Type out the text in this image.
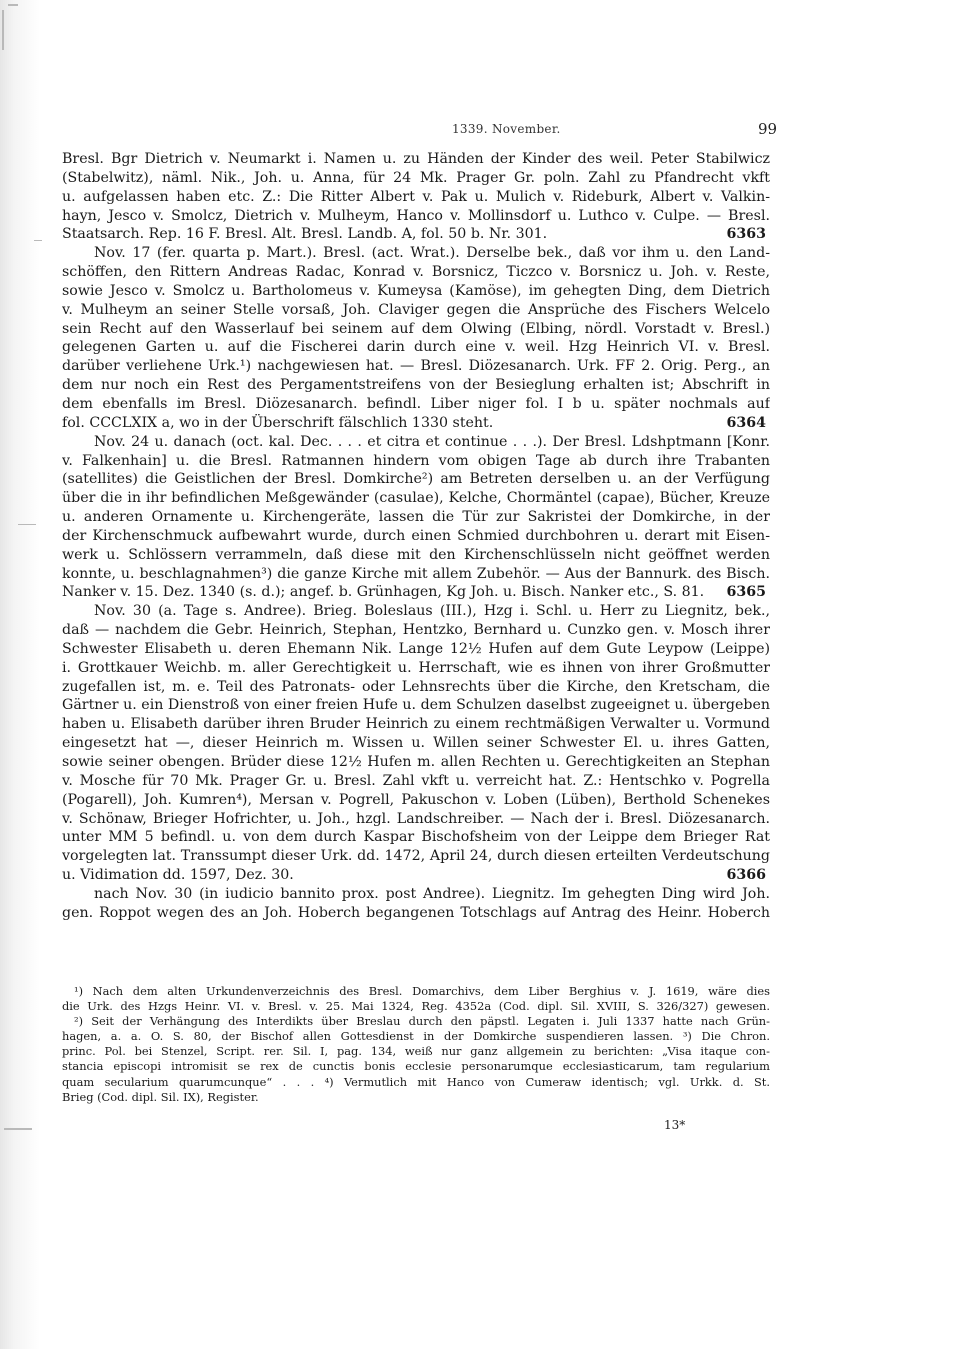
1339. November.	99
Bresl. Bgr Dietrich v. Neumarkt i. Namen u. zu Händen der Kinder des weil. Peter Stabilwicz
(Stabelwitz), näml. Nik., Joh. u. Anna, für 24 Mk. Prager Gr. poln. Zahl zu Pfandrecht vkft
u. aufgelassen haben etc. Z.: Die Ritter Albert v. Pak u. Mulich v. Rideburk, Albert v. Valkin-
hayn, Jesco v. Smolcz, Dietrich v. Mulheym, Hanco v. Mollinsdorf u. Luthco v. Culpe. — Bresl.
6363
Staatsarch. Rep. 16 F. Bresl. Alt. Bresl. Landb. A, fol. 50 b. Nr. 301.
Nov. 17 (fer. quarta p. Mart.). Bresl. (act. Wrat.). Derselbe bek., daß vor ihm u. den Land-
schöffen, den Rittern Andreas Radac, Konrad v. Borsnicz, Ticzco v. Borsnicz u. Joh. v. Reste,
sowie Jesco v. Smolcz u. Bartholomeus v. Kumeysa (Kamöse), im gehegten Ding, dem Dietrich
v. Mulheym an seiner Stelle vorsaß, Joh. Claviger gegen die Ansprüche des Fischers Welcelo
sein Recht auf den Wasserlauf bei seinem auf dem Olwing (Elbing, nördl. Vorstadt v. Bresl.)
gelegenen Garten u. auf die Fischerei darin durch eine v. weil. Hzg Heinrich VI. v. Bresl.
darüber verliehene Urk.¹) nachgewiesen hat. — Bresl. Diözesanarch. Urk. FF 2. Orig. Perg., an
dem nur noch ein Rest des Pergamentstreifens von der Besieglung erhalten ist; Abschrift in
dem ebenfalls im Bresl. Diözesanarch. befindl. Liber niger fol. I b u. später nochmals auf
6364
fol. CCCLXIX a, wo in der Überschrift fälschlich 1330 steht.
Nov. 24 u. danach (oct. kal. Dec. . . . et citra et continue . . .). Der Bresl. Ldshptmann [Konr.
v. Falkenhain] u. die Bresl. Ratmannen hindern vom obigen Tage ab durch ihre Trabanten
(satellites) die Geistlichen der Bresl. Domkirche²) am Betreten derselben u. an der Verfügung
über die in ihr befindlichen Meßgewänder (casulae), Kelche, Chormäntel (capae), Bücher, Kreuze
u. anderen Ornamente u. Kirchengeräte, lassen die Tür zur Sakristei der Domkirche, in der
der Kirchenschmuck aufbewahrt wurde, durch einen Schmied durchbohren u. derart mit Eisen-
werk u. Schlössern verrammeln, daß diese mit den Kirchenschlüsseln nicht geöffnet werden
konnte, u. beschlagnahmen³) die ganze Kirche mit allem Zubehör. — Aus der Bannurk. des Bisch.
6365
Nanker v. 15. Dez. 1340 (s. d.); angef. b. Grünhagen, Kg Joh. u. Bisch. Nanker etc., S. 81.
Nov. 30 (a. Tage s. Andree). Brieg. Boleslaus (III.), Hzg i. Schl. u. Herr zu Liegnitz, bek.,
daß — nachdem die Gebr. Heinrich, Stephan, Hentzko, Bernhard u. Cunzko gen. v. Mosch ihrer
Schwester Elisabeth u. deren Ehemann Nik. Lange 12½ Hufen auf dem Gute Leypow (Leippe)
i. Grottkauer Weichb. m. aller Gerechtigkeit u. Herrschaft, wie es ihnen von ihrer Großmutter
zugefallen ist, m. e. Teil des Patronats- oder Lehnsrechts über die Kirche, den Kretscham, die
Gärtner u. ein Dienstroß von einer freien Hufe u. dem Schulzen daselbst zugeeignet u. übergeben
haben u. Elisabeth darüber ihren Bruder Heinrich zu einem rechtmäßigen Verwalter u. Vormund
eingesetzt hat —, dieser Heinrich m. Wissen u. Willen seiner Schwester El. u. ihres Gatten,
sowie seiner obengen. Brüder diese 12½ Hufen m. allen Rechten u. Gerechtigkeiten an Stephan
v. Mosche für 70 Mk. Prager Gr. u. Bresl. Zahl vkft u. verreicht hat. Z.: Hentschko v. Pogrella
(Pogarell), Joh. Kumren⁴), Mersan v. Pogrell, Pakuschon v. Loben (Lüben), Berthold Schenekes
v. Schönaw, Brieger Hofrichter, u. Joh., hzgl. Landschreiber. — Nach der i. Bresl. Diözesanarch.
unter MM 5 befindl. u. von dem durch Kaspar Bischofsheim von der Leippe dem Brieger Rat
vorgelegten lat. Transsumpt dieser Urk. dd. 1472, April 24, durch diesen erteilten Verdeutschung
6366
u. Vidimation dd. 1597, Dez. 30.
nach Nov. 30 (in iudicio bannito prox. post Andree). Liegnitz. Im gehegten Ding wird Joh.
gen. Roppot wegen des an Joh. Hoberch begangenen Totschlags auf Antrag des Heinr. Hoberch
¹) Nach dem alten Urkundenverzeichnis des Bresl. Domarchivs, dem Liber Berghius v. J. 1619, wäre dies
die Urk. des Hzgs Heinr. VI. v. Bresl. v. 25. Mai 1324, Reg. 4352a (Cod. dipl. Sil. XVIII, S. 326/327) gewesen.
²) Seit der Verhängung des Interdikts über Breslau durch den päpstl. Legaten i. Juli 1337 hatte nach Grün-
hagen, a. a. O. S. 80, der Bischof allen Gottesdienst in der Domkirche suspendieren lassen. ³) Die Chron.
princ. Pol. bei Stenzel, Script. rer. Sil. I, pag. 134, weiß nur ganz allgemein zu berichten: „Visa itaque con-
stancia episcopi intromisit se rex de cunctis bonis ecclesie personarumque ecclesiasticarum, tam regularium
quam secularium quarumcunque“ . . . ⁴) Vermutlich mit Hanco von Cumeraw identisch; vgl. Urkk. d. St.
Brieg (Cod. dipl. Sil. IX), Register.
13*
